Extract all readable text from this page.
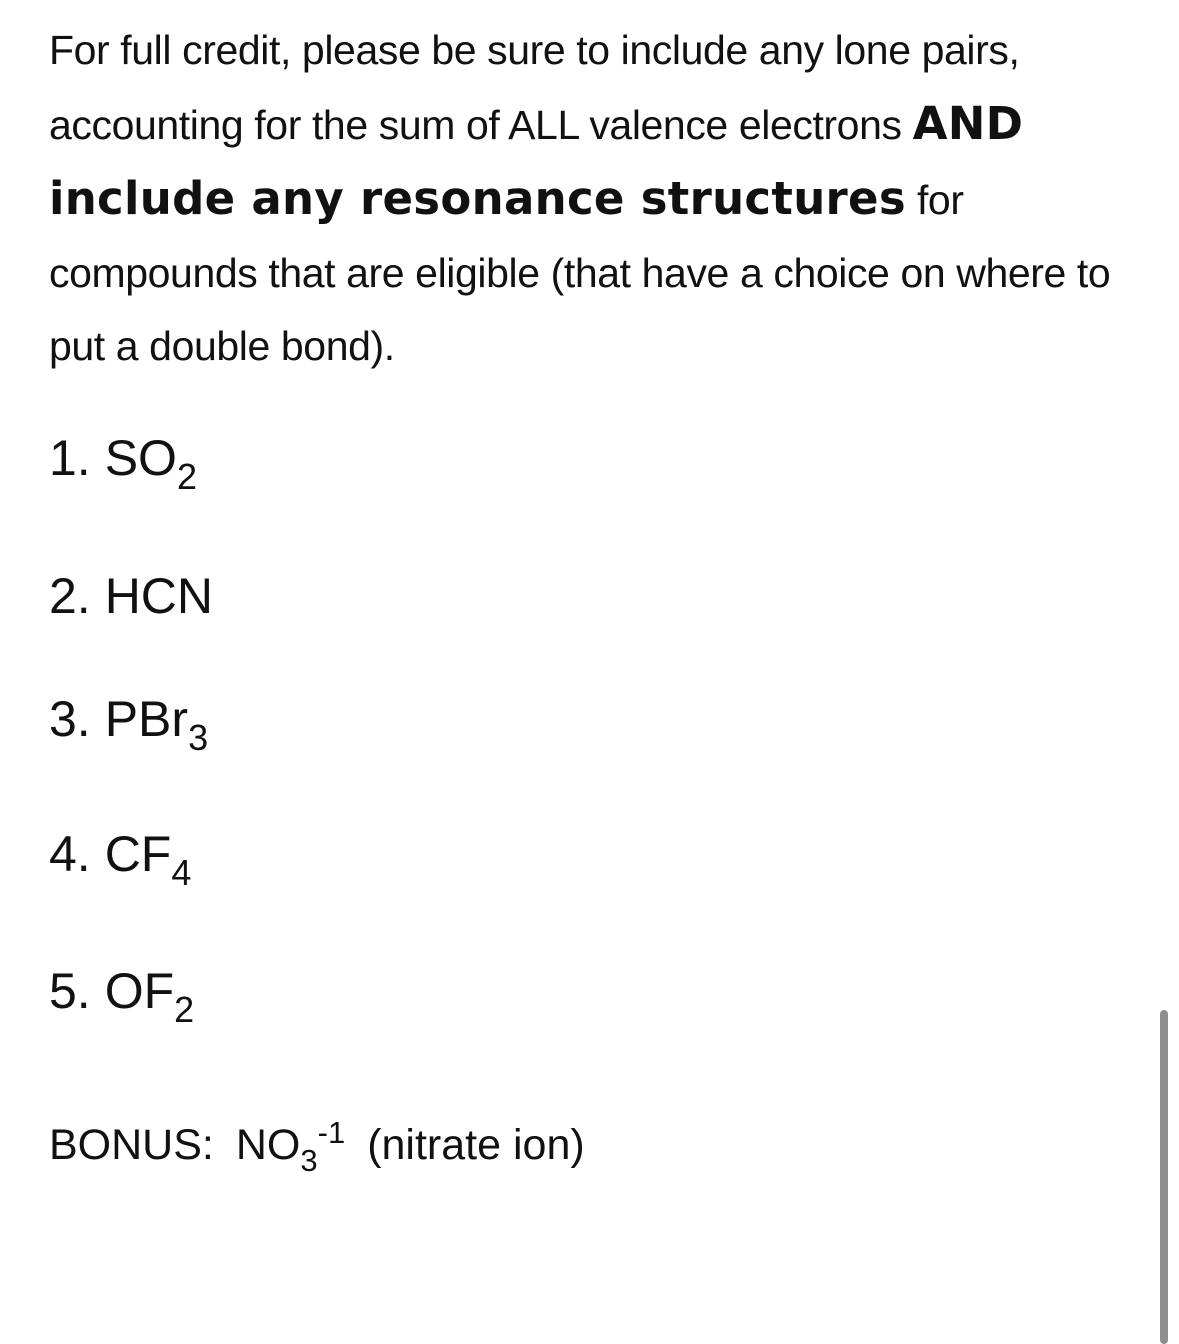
For full credit, please be sure to include any lone pairs, accounting for the sum of ALL valence electrons AND include any resonance structures for compounds that are eligible (that have a choice on where to put a double bond).
1. $SO_2$
2. HCN
3. PBr$_3$
4. $CF_4$
5. $OF_2$
BONUS: $NO_3^{-1}$ (nitrate ion)
